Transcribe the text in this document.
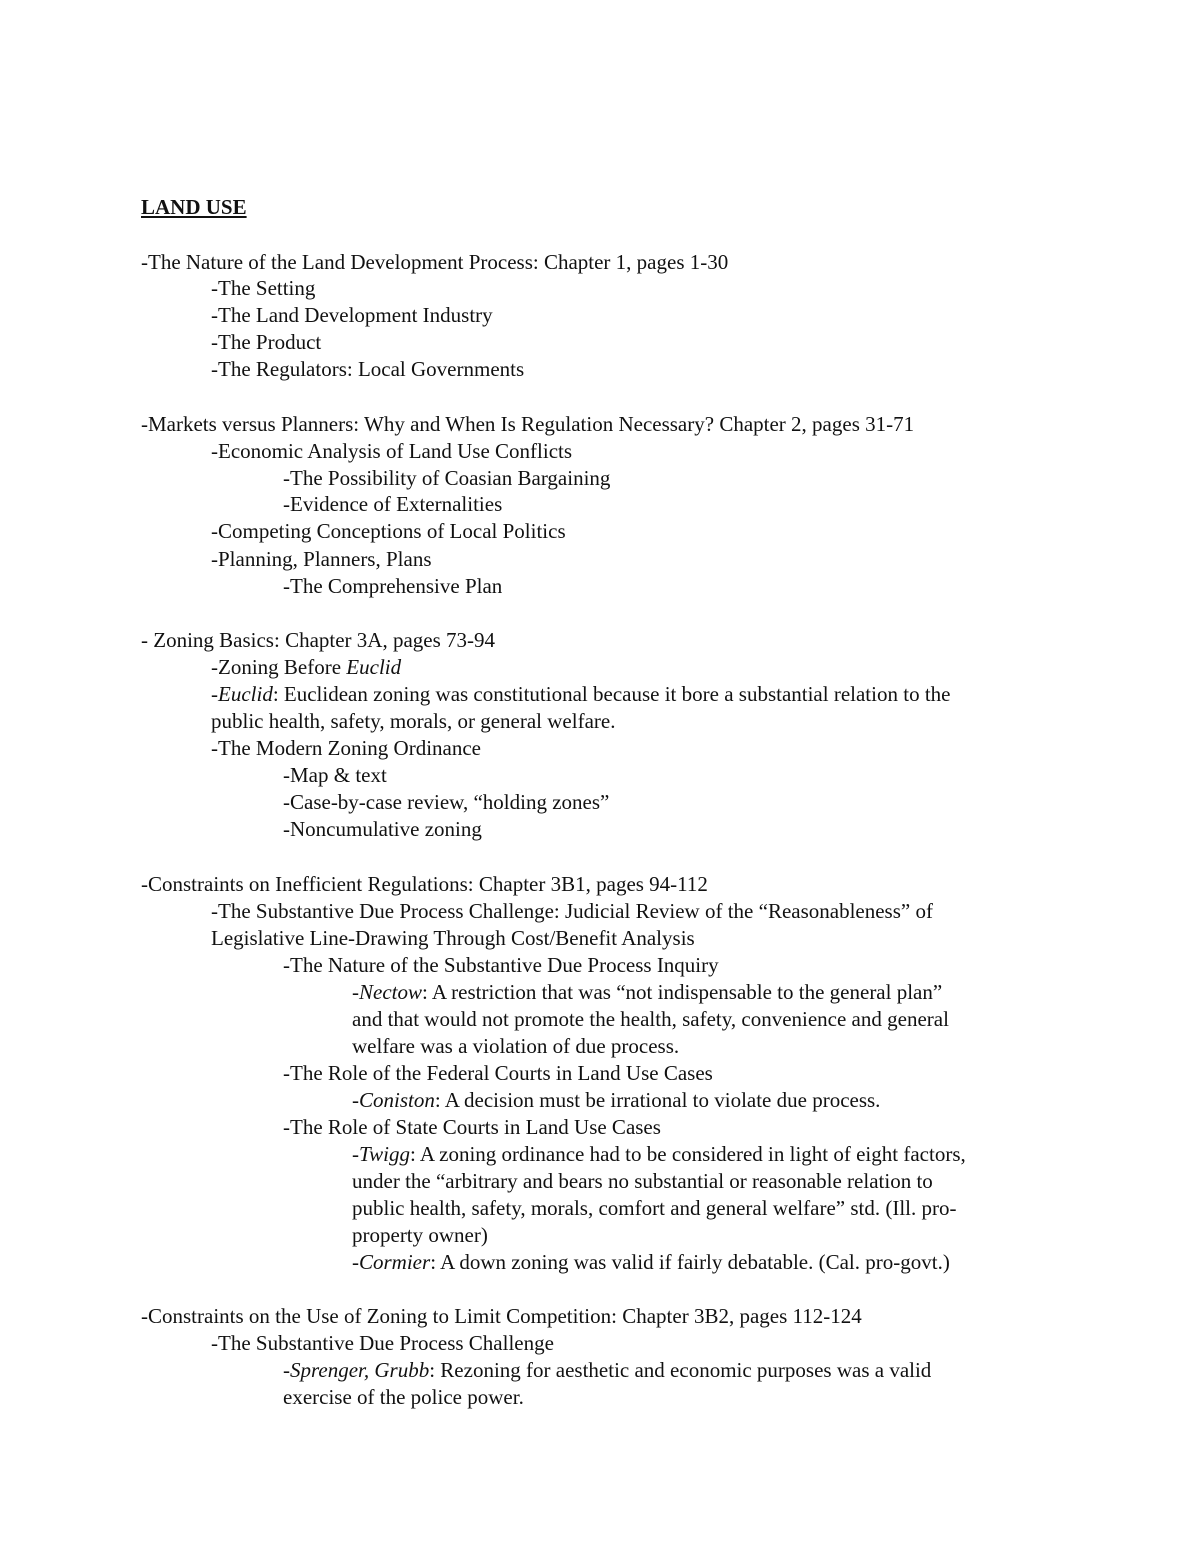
LAND USE
-The Nature of the Land Development Process: Chapter 1, pages 1-30
-The Setting
-The Land Development Industry
-The Product
-The Regulators: Local Governments
-Markets versus Planners: Why and When Is Regulation Necessary? Chapter 2, pages 31-71
-Economic Analysis of Land Use Conflicts
-The Possibility of Coasian Bargaining
-Evidence of Externalities
-Competing Conceptions of Local Politics
-Planning, Planners, Plans
-The Comprehensive Plan
- Zoning Basics: Chapter 3A, pages 73-94
-Zoning Before Euclid
-Euclid: Euclidean zoning was constitutional because it bore a substantial relation to the
public health, safety, morals, or general welfare.
-The Modern Zoning Ordinance
-Map & text
-Case-by-case review, “holding zones”
-Noncumulative zoning
-Constraints on Inefficient Regulations: Chapter 3B1, pages 94-112
-The Substantive Due Process Challenge: Judicial Review of the “Reasonableness” of
Legislative Line-Drawing Through Cost/Benefit Analysis
-The Nature of the Substantive Due Process Inquiry
-Nectow: A restriction that was “not indispensable to the general plan”
and that would not promote the health, safety, convenience and general
welfare was a violation of due process.
-The Role of the Federal Courts in Land Use Cases
-Coniston: A decision must be irrational to violate due process.
-The Role of State Courts in Land Use Cases
-Twigg: A zoning ordinance had to be considered in light of eight factors,
under the “arbitrary and bears no substantial or reasonable relation to
public health, safety, morals, comfort and general welfare” std. (Ill. pro-
property owner)
-Cormier: A down zoning was valid if fairly debatable. (Cal. pro-govt.)
-Constraints on the Use of Zoning to Limit Competition: Chapter 3B2, pages 112-124
-The Substantive Due Process Challenge
-Sprenger, Grubb: Rezoning for aesthetic and economic purposes was a valid
exercise of the police power.
